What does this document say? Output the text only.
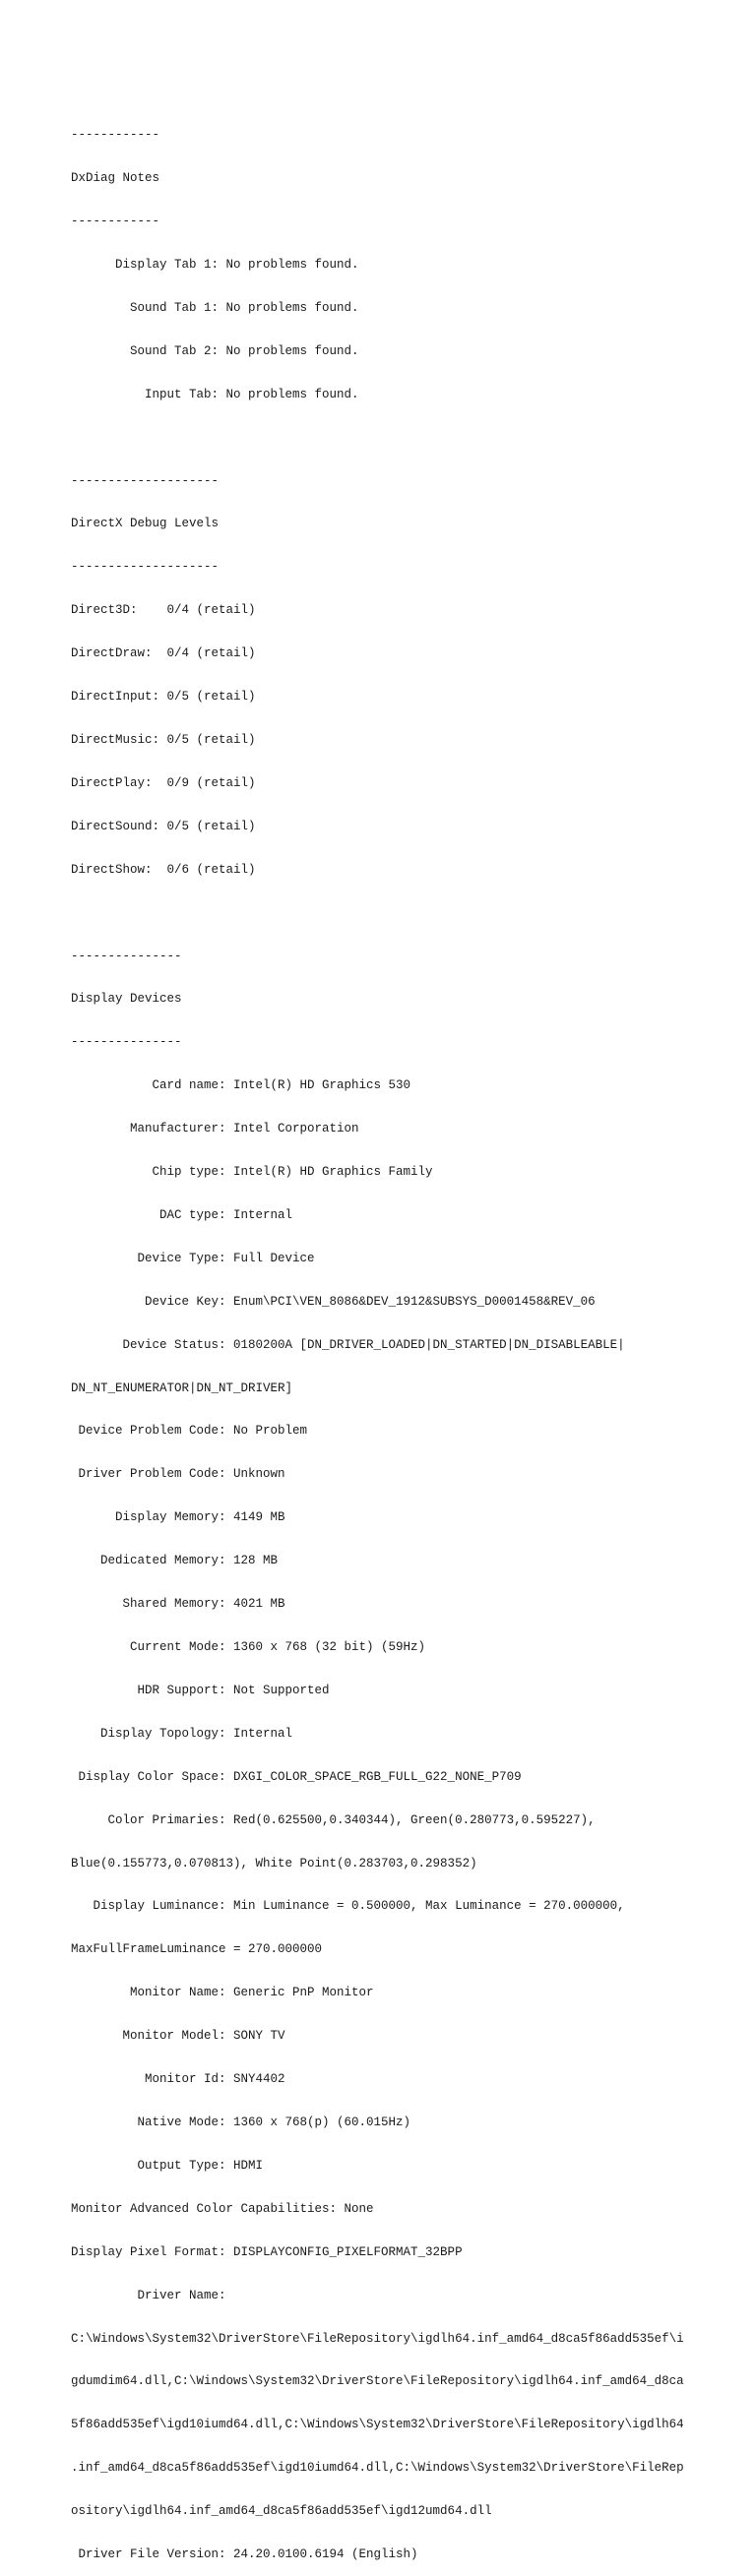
------------

DxDiag Notes

------------

Display Tab 1: No problems found.

Sound Tab 1: No problems found.

Sound Tab 2: No problems found.

Input Tab: No problems found.

--------------------

DirectX Debug Levels

--------------------

Direct3D:    0/4 (retail)

DirectDraw:  0/4 (retail)

DirectInput: 0/5 (retail)

DirectMusic: 0/5 (retail)

DirectPlay:  0/9 (retail)

DirectSound: 0/5 (retail)

DirectShow:  0/6 (retail)

---------------

Display Devices

---------------

Card name: Intel(R) HD Graphics 530

Manufacturer: Intel Corporation

Chip type: Intel(R) HD Graphics Family

DAC type: Internal

Device Type: Full Device

Device Key: Enum\PCI\VEN_8086&DEV_1912&SUBSYS_D0001458&REV_06

Device Status: 0180200A [DN_DRIVER_LOADED|DN_STARTED|DN_DISABLEABLE|

DN_NT_ENUMERATOR|DN_NT_DRIVER]

Device Problem Code: No Problem

Driver Problem Code: Unknown

Display Memory: 4149 MB

Dedicated Memory: 128 MB

Shared Memory: 4021 MB

Current Mode: 1360 x 768 (32 bit) (59Hz)

HDR Support: Not Supported

Display Topology: Internal

Display Color Space: DXGI_COLOR_SPACE_RGB_FULL_G22_NONE_P709

Color Primaries: Red(0.625500,0.340344), Green(0.280773,0.595227),

Blue(0.155773,0.070813), White Point(0.283703,0.298352)

Display Luminance: Min Luminance = 0.500000, Max Luminance = 270.000000,

MaxFullFrameLuminance = 270.000000

Monitor Name: Generic PnP Monitor

Monitor Model: SONY TV

Monitor Id: SNY4402

Native Mode: 1360 x 768(p) (60.015Hz)

Output Type: HDMI

Monitor Advanced Color Capabilities: None

Display Pixel Format: DISPLAYCONFIG_PIXELFORMAT_32BPP

Driver Name:

C:\Windows\System32\DriverStore\FileRepository\igdlh64.inf_amd64_d8ca5f86add535ef\i

gdumdim64.dll,C:\Windows\System32\DriverStore\FileRepository\igdlh64.inf_amd64_d8ca

5f86add535ef\igd10iumd64.dll,C:\Windows\System32\DriverStore\FileRepository\igdlh64

.inf_amd64_d8ca5f86add535ef\igd10iumd64.dll,C:\Windows\System32\DriverStore\FileRep

ository\igdlh64.inf_amd64_d8ca5f86add535ef\igd12umd64.dll

Driver File Version: 24.20.0100.6194 (English)
